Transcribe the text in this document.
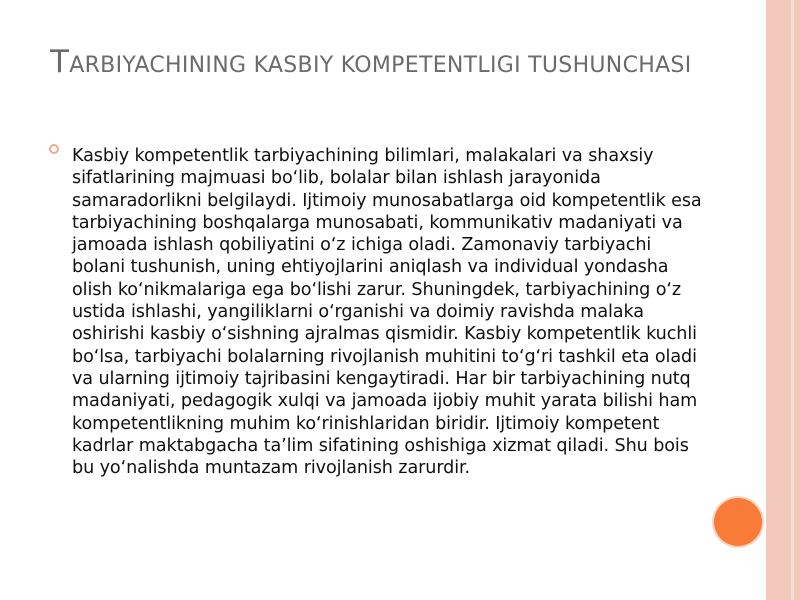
TARBIYACHINING KASBIY KOMPETENTLIGI TUSHUNCHASI

Kasbiy kompetentlik tarbiyachining bilimlari, malakalari va shaxsiy sifatlarining majmuasi bo‘lib, bolalar bilan ishlash jarayonida samaradorlikni belgilaydi. Ijtimoiy munosabatlarga oid kompetentlik esa tarbiyachining boshqalarga munosabati, kommunikativ madaniyati va jamoada ishlash qobiliyatini o‘z ichiga oladi. Zamonaviy tarbiyachi bolani tushunish, uning ehtiyojlarini aniqlash va individual yondasha olish ko‘nikmalariga ega bo‘lishi zarur. Shuningdek, tarbiyachining o‘z ustida ishlashi, yangiliklarni o‘rganishi va doimiy ravishda malaka oshirishi kasbiy o‘sishning ajralmas qismidir. Kasbiy kompetentlik kuchli bo‘lsa, tarbiyachi bolalarning rivojlanish muhitini to‘g‘ri tashkil eta oladi va ularning ijtimoiy tajribasini kengaytiradi. Har bir tarbiyachining nutq madaniyati, pedagogik xulqi va jamoada ijobiy muhit yarata bilishi ham kompetentlikning muhim ko‘rinishlaridan biridir. Ijtimoiy kompetent kadrlar maktabgacha ta’lim sifatining oshishiga xizmat qiladi. Shu bois bu yo‘nalishda muntazam rivojlanish zarurdir.
